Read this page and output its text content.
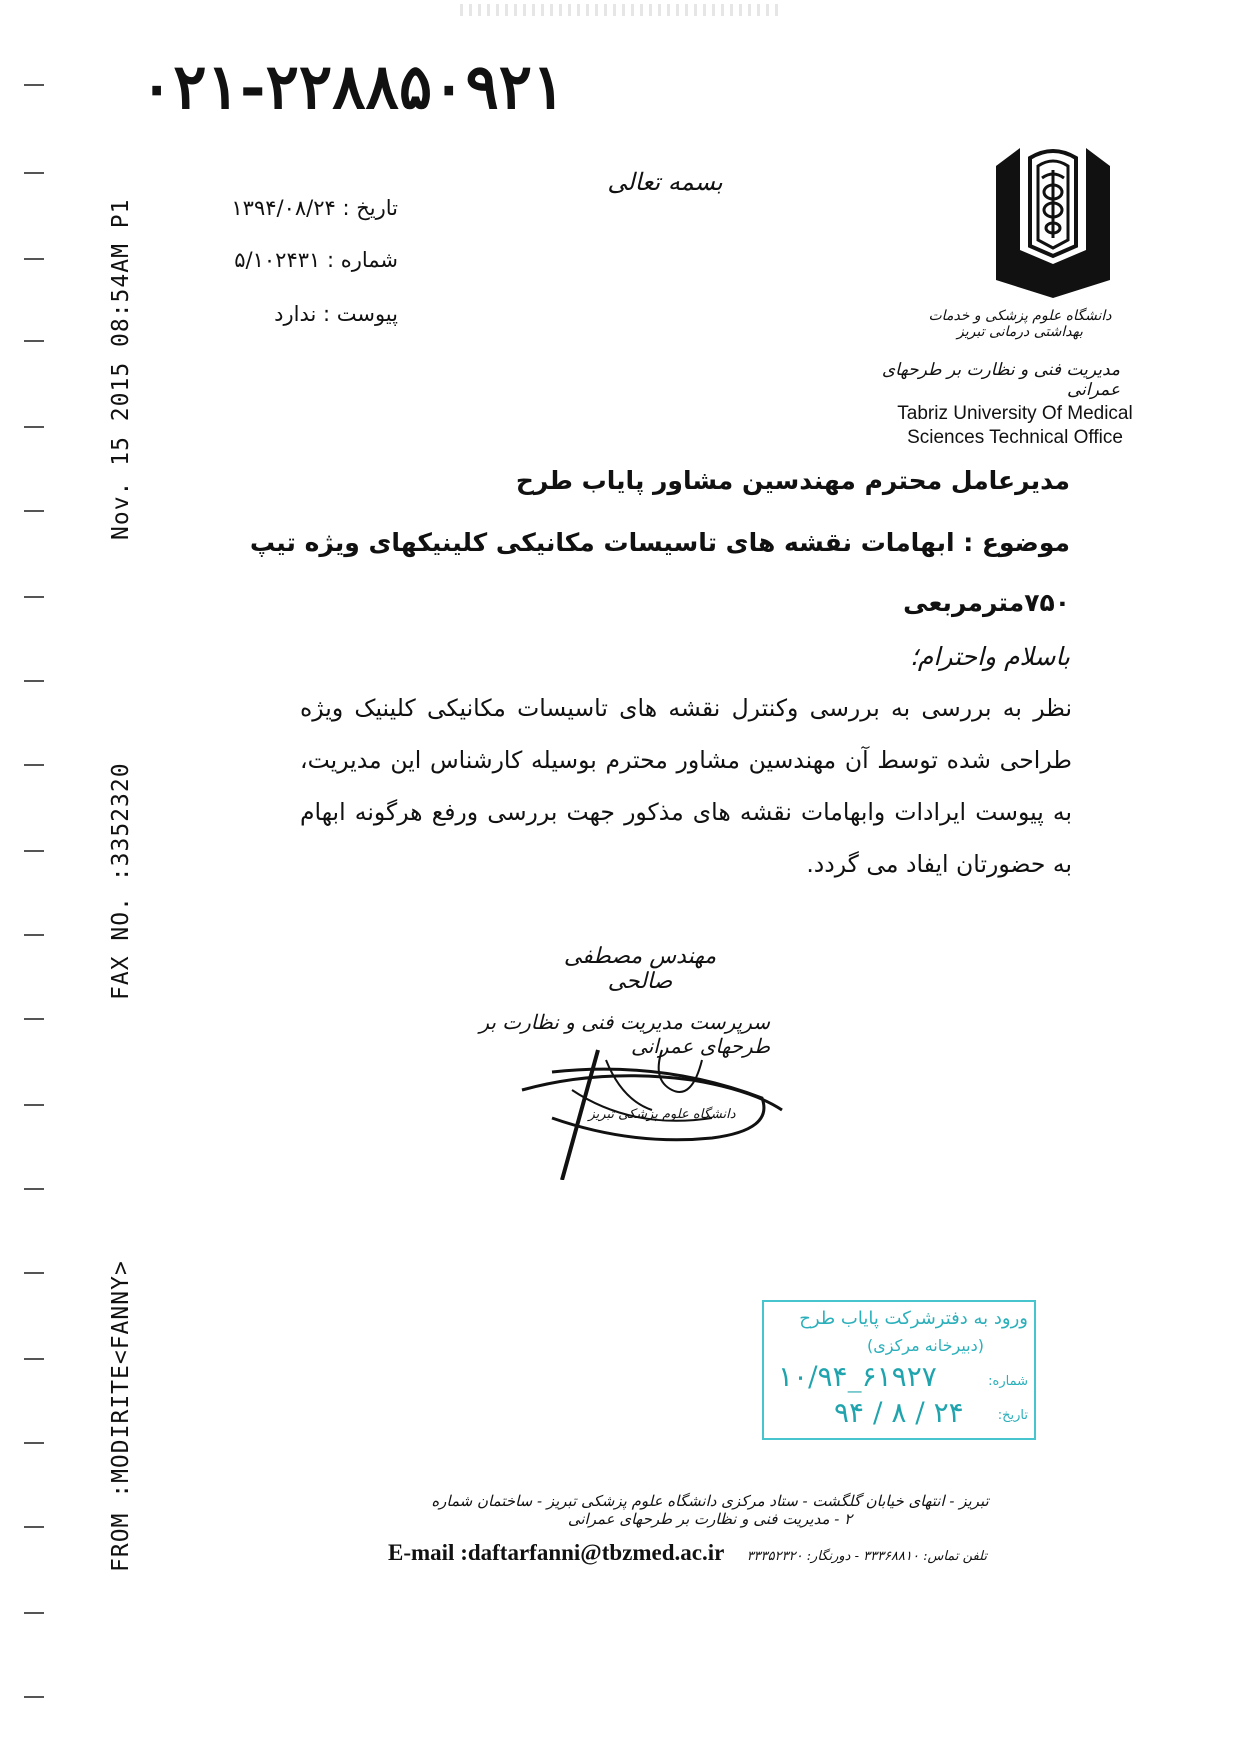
Nov. 15 2015 08:54AM P1
FAX NO. :3352320
FROM :MODIRITE<FANNY>
۰۲۱-۲۲۸۸۵۰۹۲۱
بسمه تعالی
تاریخ : ۱۳۹۴/۰۸/۲۴
شماره : ۵/۱۰۲۴۳۱
پیوست : ندارد	دانشگاه علوم پزشکی و خدمات بهداشتی درمانی تبریز
مدیریت فنی و نظارت بر طرحهای عمرانی
Tabriz University Of Medical
Sciences Technical Office
مدیرعامل محترم مهندسین مشاور پایاب طرح
موضوع : ابهامات نقشه های تاسیسات مکانیکی کلینیکهای ویژه تیپ
۷۵۰مترمربعی
باسلام واحترام؛
نظر به بررسی به بررسی وکنترل نقشه های تاسیسات مکانیکی کلینیک ویژه طراحی شده توسط آن مهندسین مشاور محترم بوسیله کارشناس این مدیریت، به پیوست ایرادات وابهامات نقشه های مذکور جهت بررسی ورفع هرگونه ابهام به حضورتان ایفاد می گردد.
مهندس مصطفی صالحی
سرپرست مدیریت فنی و نظارت بر طرحهای عمرانی
دانشگاه علوم پزشکی تبریز
ورود به دفترشرکت پایاب طرح
(دبیرخانه مرکزی)
شماره:
۱۰/۹۴_۶۱۹۲۷
تاریخ:
۹۴ / ۸ / ۲۴
تبریز - انتهای خیابان گلگشت - ستاد مرکزی دانشگاه علوم پزشکی تبریز - ساختمان شماره ۲ - مدیریت فنی و نظارت بر طرحهای عمرانی
E-mail :daftarfanni@tbzmed.ac.ir تلفن تماس: ۳۳۳۶۸۸۱۰ - دورنگار: ۳۳۳۵۲۳۲۰
